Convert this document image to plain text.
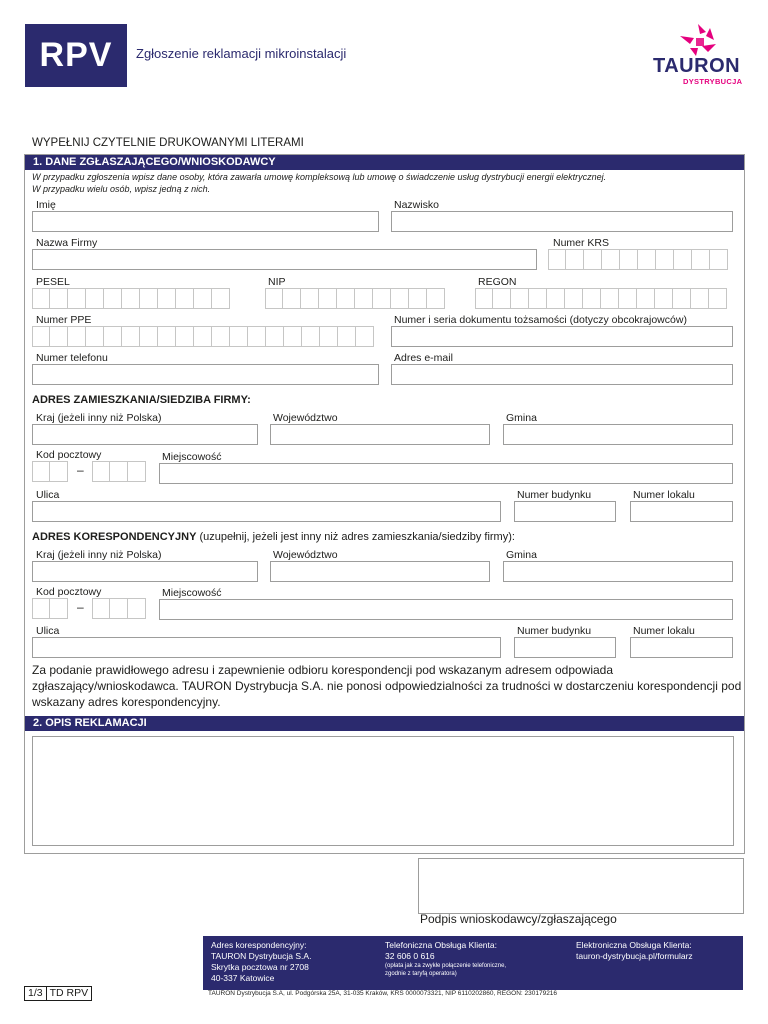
RPV	Zgłoszenie reklamacji mikroinstalacji
TAURON
DYSTRYBUCJA
WYPEŁNIJ CZYTELNIE DRUKOWANYMI LITERAMI
1. DANE ZGŁASZAJĄCEGO/WNIOSKODAWCY
W przypadku zgłoszenia wpisz dane osoby, która zawarła umowę kompleksową lub umowę o świadczenie usług dystrybucji energii elektrycznej.
W przypadku wielu osób, wpisz jedną z nich.
Imię	Nazwisko
Nazwa Firmy	Numer KRS
PESEL	NIP	REGON
Numer PPE	Numer i seria dokumentu tożsamości (dotyczy obcokrajowców)
Numer telefonu	Adres e-mail
ADRES ZAMIESZKANIA/SIEDZIBA FIRMY:
Kraj (jeżeli inny niż Polska)	Województwo	Gmina
Kod pocztowy
–
Miejscowość
Ulica	Numer budynku	Numer lokalu
ADRES KORESPONDENCYJNY (uzupełnij, jeżeli jest inny niż adres zamieszkania/siedziby firmy):
Kraj (jeżeli inny niż Polska)	Województwo	Gmina
Kod pocztowy
–
Miejscowość
Ulica	Numer budynku	Numer lokalu
Za podanie prawidłowego adresu i zapewnienie odbioru korespondencji pod wskazanym adresem odpowiada zgłaszający/wnioskodawca. TAURON Dystrybucja S.A. nie ponosi odpowiedzialności za trudności w dostarczeniu korespondencji pod wskazany adres korespondencyjny.
2. OPIS REKLAMACJI
Podpis wnioskodawcy/zgłaszającego
Adres korespondencyjny:
TAURON Dystrybucja S.A.
Skrytka pocztowa nr 2708
40-337 Katowice
Telefoniczna Obsługa Klienta:
32 606 0 616
(opłata jak za zwykłe połączenie telefoniczne,
zgodnie z taryfą operatora)
Elektroniczna Obsługa Klienta:
tauron-dystrybucja.pl/formularz
TAURON Dystrybucja S.A, ul. Podgórska 25A, 31-035 Kraków, KRS 0000073321, NIP 6110202860, REGON: 230179216
1/3 TD RPV
